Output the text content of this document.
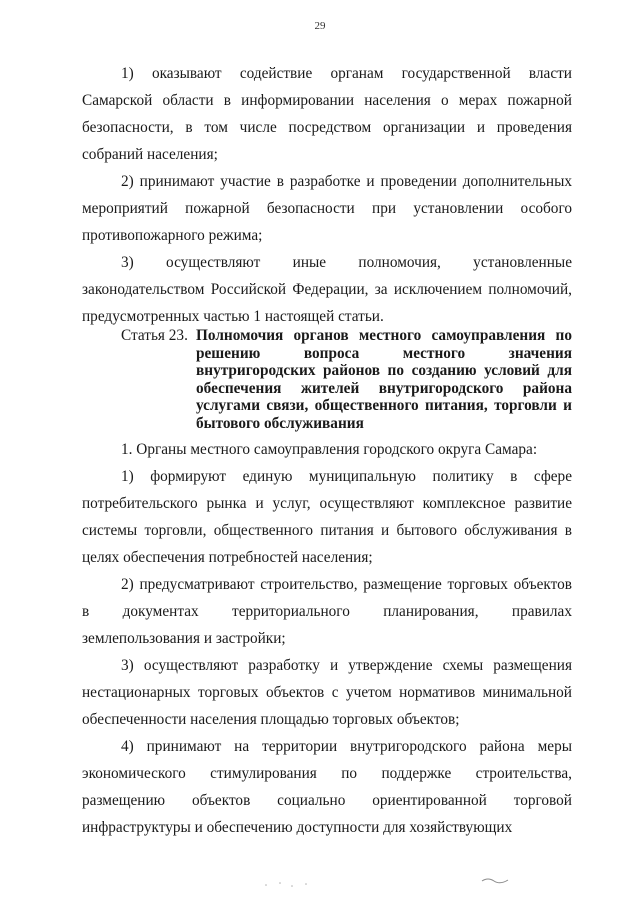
29

1) оказывают содействие органам государственной власти Самарской области в информировании населения о мерах пожарной безопасности, в том числе посредством организации и проведения собраний населения;

2) принимают участие в разработке и проведении дополнительных мероприятий пожарной безопасности при установлении особого противопожарного режима;

3) осуществляют иные полномочия, установленные законодательством Российской Федерации, за исключением полномочий, предусмотренных частью 1 настоящей статьи.

Статья 23. Полномочия органов местного самоуправления по решению вопроса местного значения внутригородских районов по созданию условий для обеспечения жителей внутригородского района услугами связи, общественного питания, торговли и бытового обслуживания

1. Органы местного самоуправления городского округа Самара:

1) формируют единую муниципальную политику в сфере потребительского рынка и услуг, осуществляют комплексное развитие системы торговли, общественного питания и бытового обслуживания в целях обеспечения потребностей населения;

2) предусматривают строительство, размещение торговых объектов в документах территориального планирования, правилах землепользования и застройки;

3) осуществляют разработку и утверждение схемы размещения нестационарных торговых объектов с учетом нормативов минимальной обеспеченности населения площадью торговых объектов;

4) принимают на территории внутригородского района меры экономического стимулирования по поддержке строительства, размещению объектов социально ориентированной торговой инфраструктуры и обеспечению доступности для хозяйствующих
